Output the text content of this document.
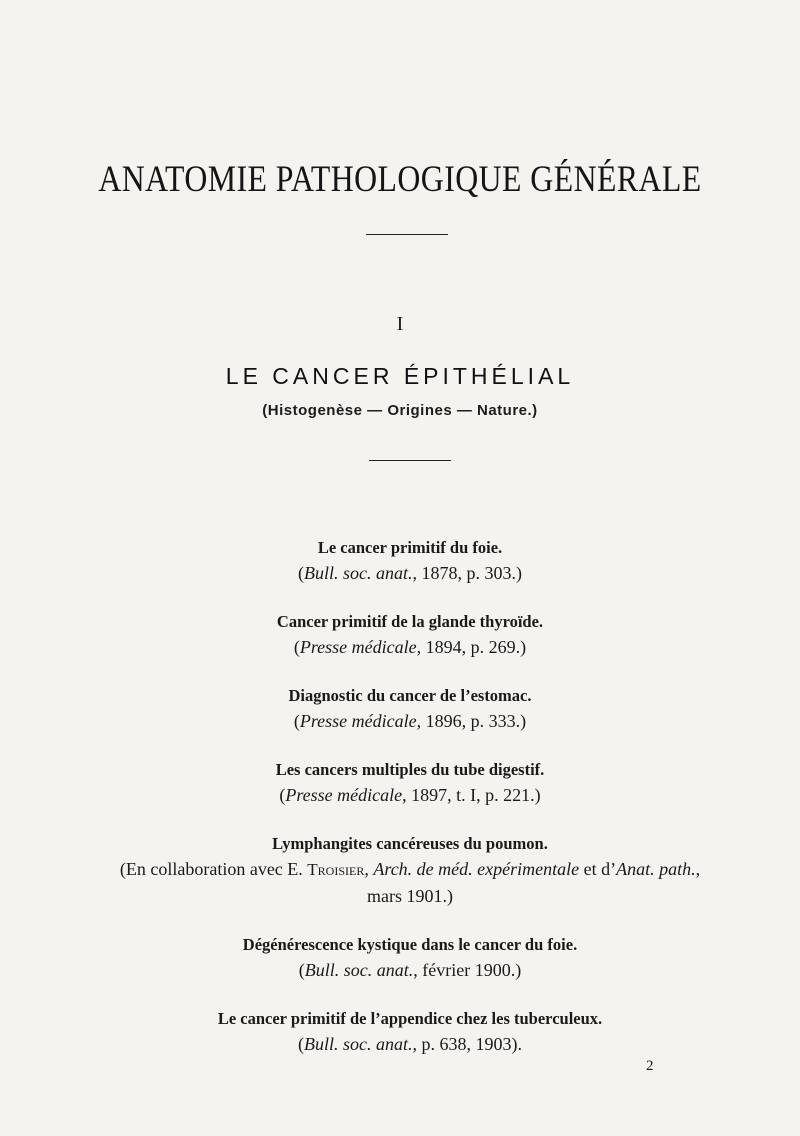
ANATOMIE PATHOLOGIQUE GÉNÉRALE

I

LE CANCER ÉPITHÉLIAL

(Histogenèse — Origines — Nature.)

Le cancer primitif du foie.
(Bull. soc. anat., 1878, p. 303.)
Cancer primitif de la glande thyroïde.
(Presse médicale, 1894, p. 269.)
Diagnostic du cancer de l’estomac.
(Presse médicale, 1896, p. 333.)
Les cancers multiples du tube digestif.
(Presse médicale, 1897, t. I, p. 221.)
Lymphangites cancéreuses du poumon.
(En collaboration avec E. Troisier, Arch. de méd. expérimentale et d’Anat. path.,
mars 1901.)
Dégénérescence kystique dans le cancer du foie.
(Bull. soc. anat., février 1900.)
Le cancer primitif de l’appendice chez les tuberculeux.
(Bull. soc. anat., p. 638, 1903).

2
